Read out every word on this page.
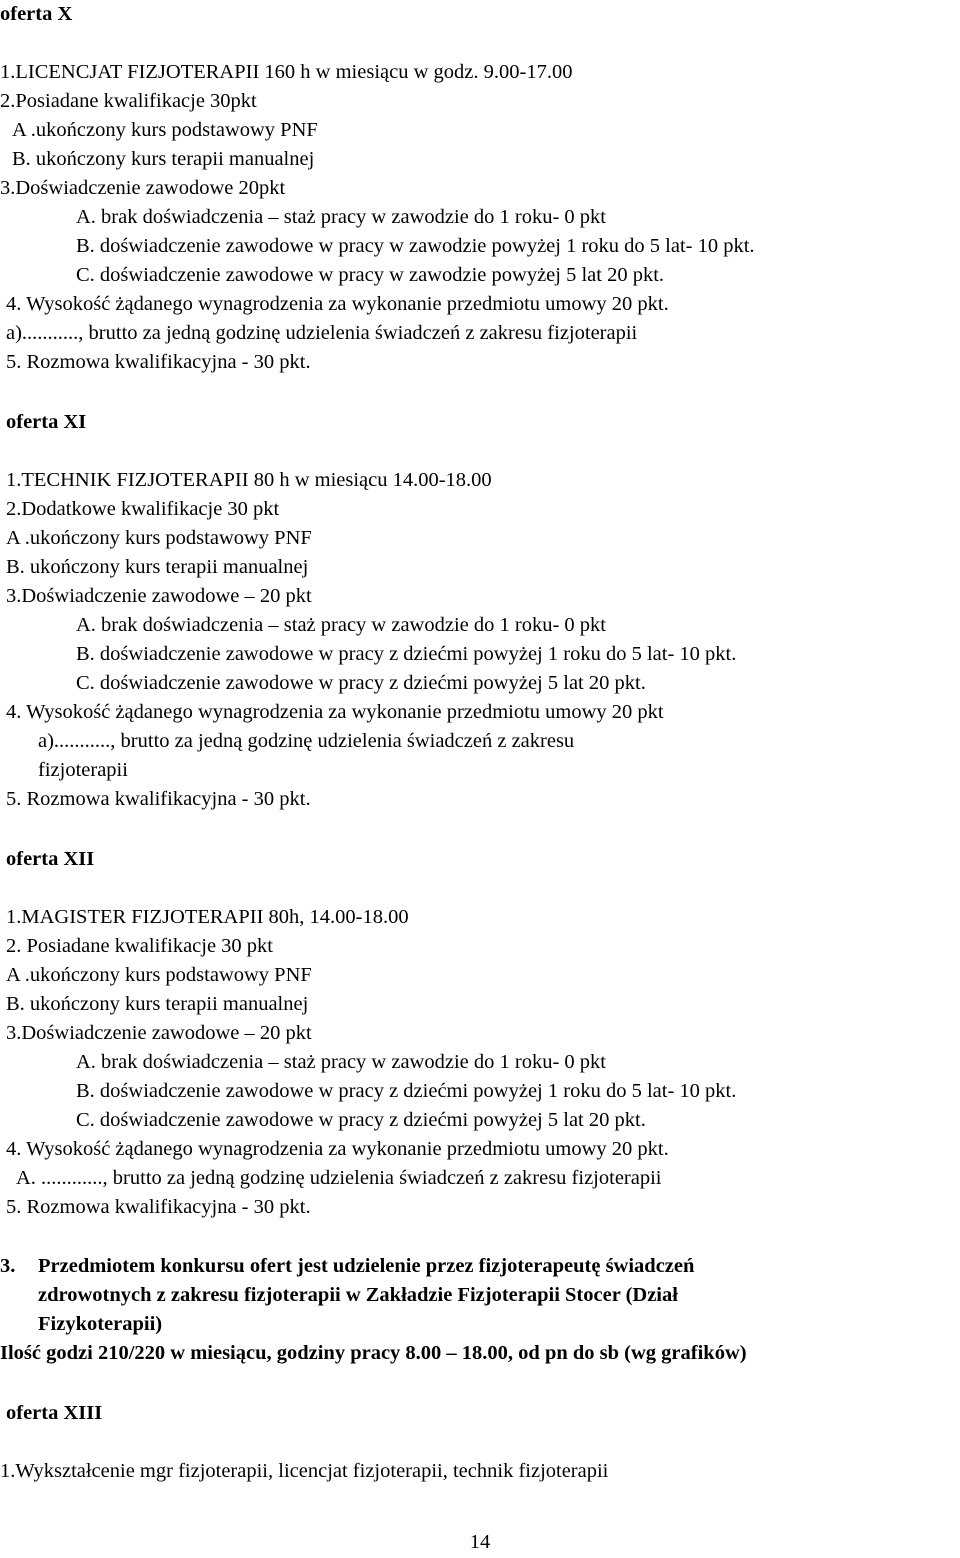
oferta X
1.LICENCJAT FIZJOTERAPII 160 h w miesiącu w godz. 9.00-17.00
2.Posiadane kwalifikacje 30pkt
A .ukończony kurs podstawowy PNF
B. ukończony kurs terapii manualnej
3.Doświadczenie zawodowe 20pkt
A. brak doświadczenia – staż pracy w zawodzie do 1 roku- 0 pkt
B. doświadczenie zawodowe w pracy w zawodzie powyżej 1 roku do 5 lat- 10 pkt.
C. doświadczenie zawodowe w pracy w zawodzie powyżej 5 lat 20 pkt.
4. Wysokość żądanego wynagrodzenia za wykonanie przedmiotu umowy 20 pkt.
a)..........., brutto za jedną godzinę udzielenia świadczeń z zakresu fizjoterapii
5. Rozmowa kwalifikacyjna - 30 pkt.
oferta XI
1.TECHNIK FIZJOTERAPII 80 h w miesiącu 14.00-18.00
2.Dodatkowe kwalifikacje 30 pkt
A .ukończony kurs podstawowy PNF
B. ukończony kurs terapii manualnej
3.Doświadczenie zawodowe – 20 pkt
A. brak doświadczenia – staż pracy w zawodzie do 1 roku- 0 pkt
B. doświadczenie zawodowe w pracy z dziećmi powyżej 1 roku do 5 lat- 10 pkt.
C. doświadczenie zawodowe w pracy z dziećmi powyżej 5 lat 20 pkt.
4. Wysokość żądanego wynagrodzenia za wykonanie przedmiotu umowy 20 pkt
a)..........., brutto za jedną godzinę udzielenia świadczeń z zakresu
fizjoterapii
5. Rozmowa kwalifikacyjna - 30 pkt.
oferta XII
1.MAGISTER FIZJOTERAPII 80h, 14.00-18.00
2. Posiadane kwalifikacje 30 pkt
A .ukończony kurs podstawowy PNF
B. ukończony kurs terapii manualnej
3.Doświadczenie zawodowe – 20 pkt
A. brak doświadczenia – staż pracy w zawodzie do 1 roku- 0 pkt
B. doświadczenie zawodowe w pracy z dziećmi powyżej 1 roku do 5 lat- 10 pkt.
C. doświadczenie zawodowe w pracy z dziećmi powyżej 5 lat 20 pkt.
4. Wysokość żądanego wynagrodzenia za wykonanie przedmiotu umowy 20 pkt.
A. ............, brutto za jedną godzinę udzielenia świadczeń z zakresu fizjoterapii
5. Rozmowa kwalifikacyjna - 30 pkt.
3. Przedmiotem konkursu ofert jest udzielenie przez fizjoterapeutę świadczeń
zdrowotnych z zakresu fizjoterapii w Zakładzie Fizjoterapii Stocer (Dział
Fizykoterapii)
Ilość godzi 210/220 w miesiącu, godziny pracy 8.00 – 18.00, od pn do sb (wg grafików)
oferta XIII
1.Wykształcenie mgr fizjoterapii, licencjat fizjoterapii, technik fizjoterapii
14
